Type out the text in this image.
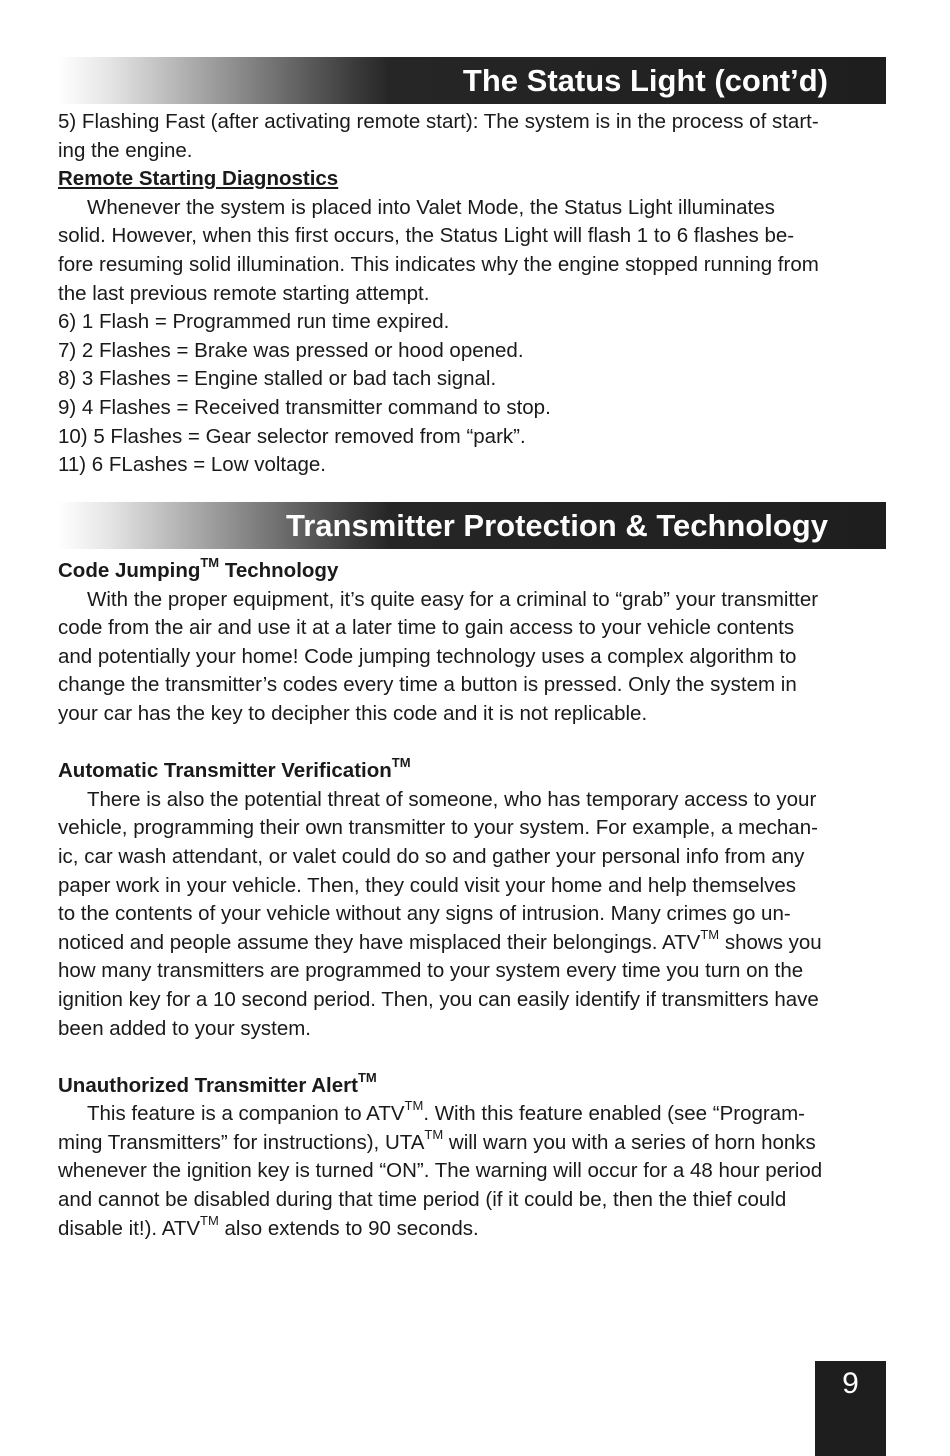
The Status Light (cont’d)

5) Flashing Fast (after activating remote start): The system is in the process of start-

ing the engine.

Remote Starting Diagnostics

Whenever the system is placed into Valet Mode, the Status Light illuminates

solid. However, when this first occurs, the Status Light will flash 1 to 6 flashes be-

fore resuming solid illumination. This indicates why the engine stopped running from

the last previous remote starting attempt.

6) 1 Flash = Programmed run time expired.

7) 2 Flashes = Brake was pressed or hood opened.

8) 3 Flashes = Engine stalled or bad tach signal.

9) 4 Flashes = Received transmitter command to stop.

10) 5 Flashes = Gear selector removed from “park”.

11) 6 FLashes = Low voltage.

Transmitter Protection & Technology

Code Jumping™ Technology

With the proper equipment, it’s quite easy for a criminal to “grab” your transmitter

code from the air and use it at a later time to gain access to your vehicle contents

and potentially your home! Code jumping technology uses a complex algorithm to

change the transmitter’s codes every time a button is pressed. Only the system in

your car has the key to decipher this code and it is not replicable.

Automatic Transmitter Verification™

There is also the potential threat of someone, who has temporary access to your

vehicle, programming their own transmitter to your system. For example, a mechan-

ic, car wash attendant, or valet could do so and gather your personal info from any

paper work in your vehicle. Then, they could visit your home and help themselves

to the contents of your vehicle without any signs of intrusion. Many crimes go un-

noticed and people assume they have misplaced their belongings. ATV™ shows you

how many transmitters are programmed to your system every time you turn on the

ignition key for a 10 second period. Then, you can easily identify if transmitters have

been added to your system.

Unauthorized Transmitter Alert™

This feature is a companion to ATV™. With this feature enabled (see “Program-

ming Transmitters” for instructions), UTA™ will warn you with a series of horn honks

whenever the ignition key is turned “ON”. The warning will occur for a 48 hour period

and cannot be disabled during that time period (if it could be, then the thief could

disable it!). ATV™ also extends to 90 seconds.

9
